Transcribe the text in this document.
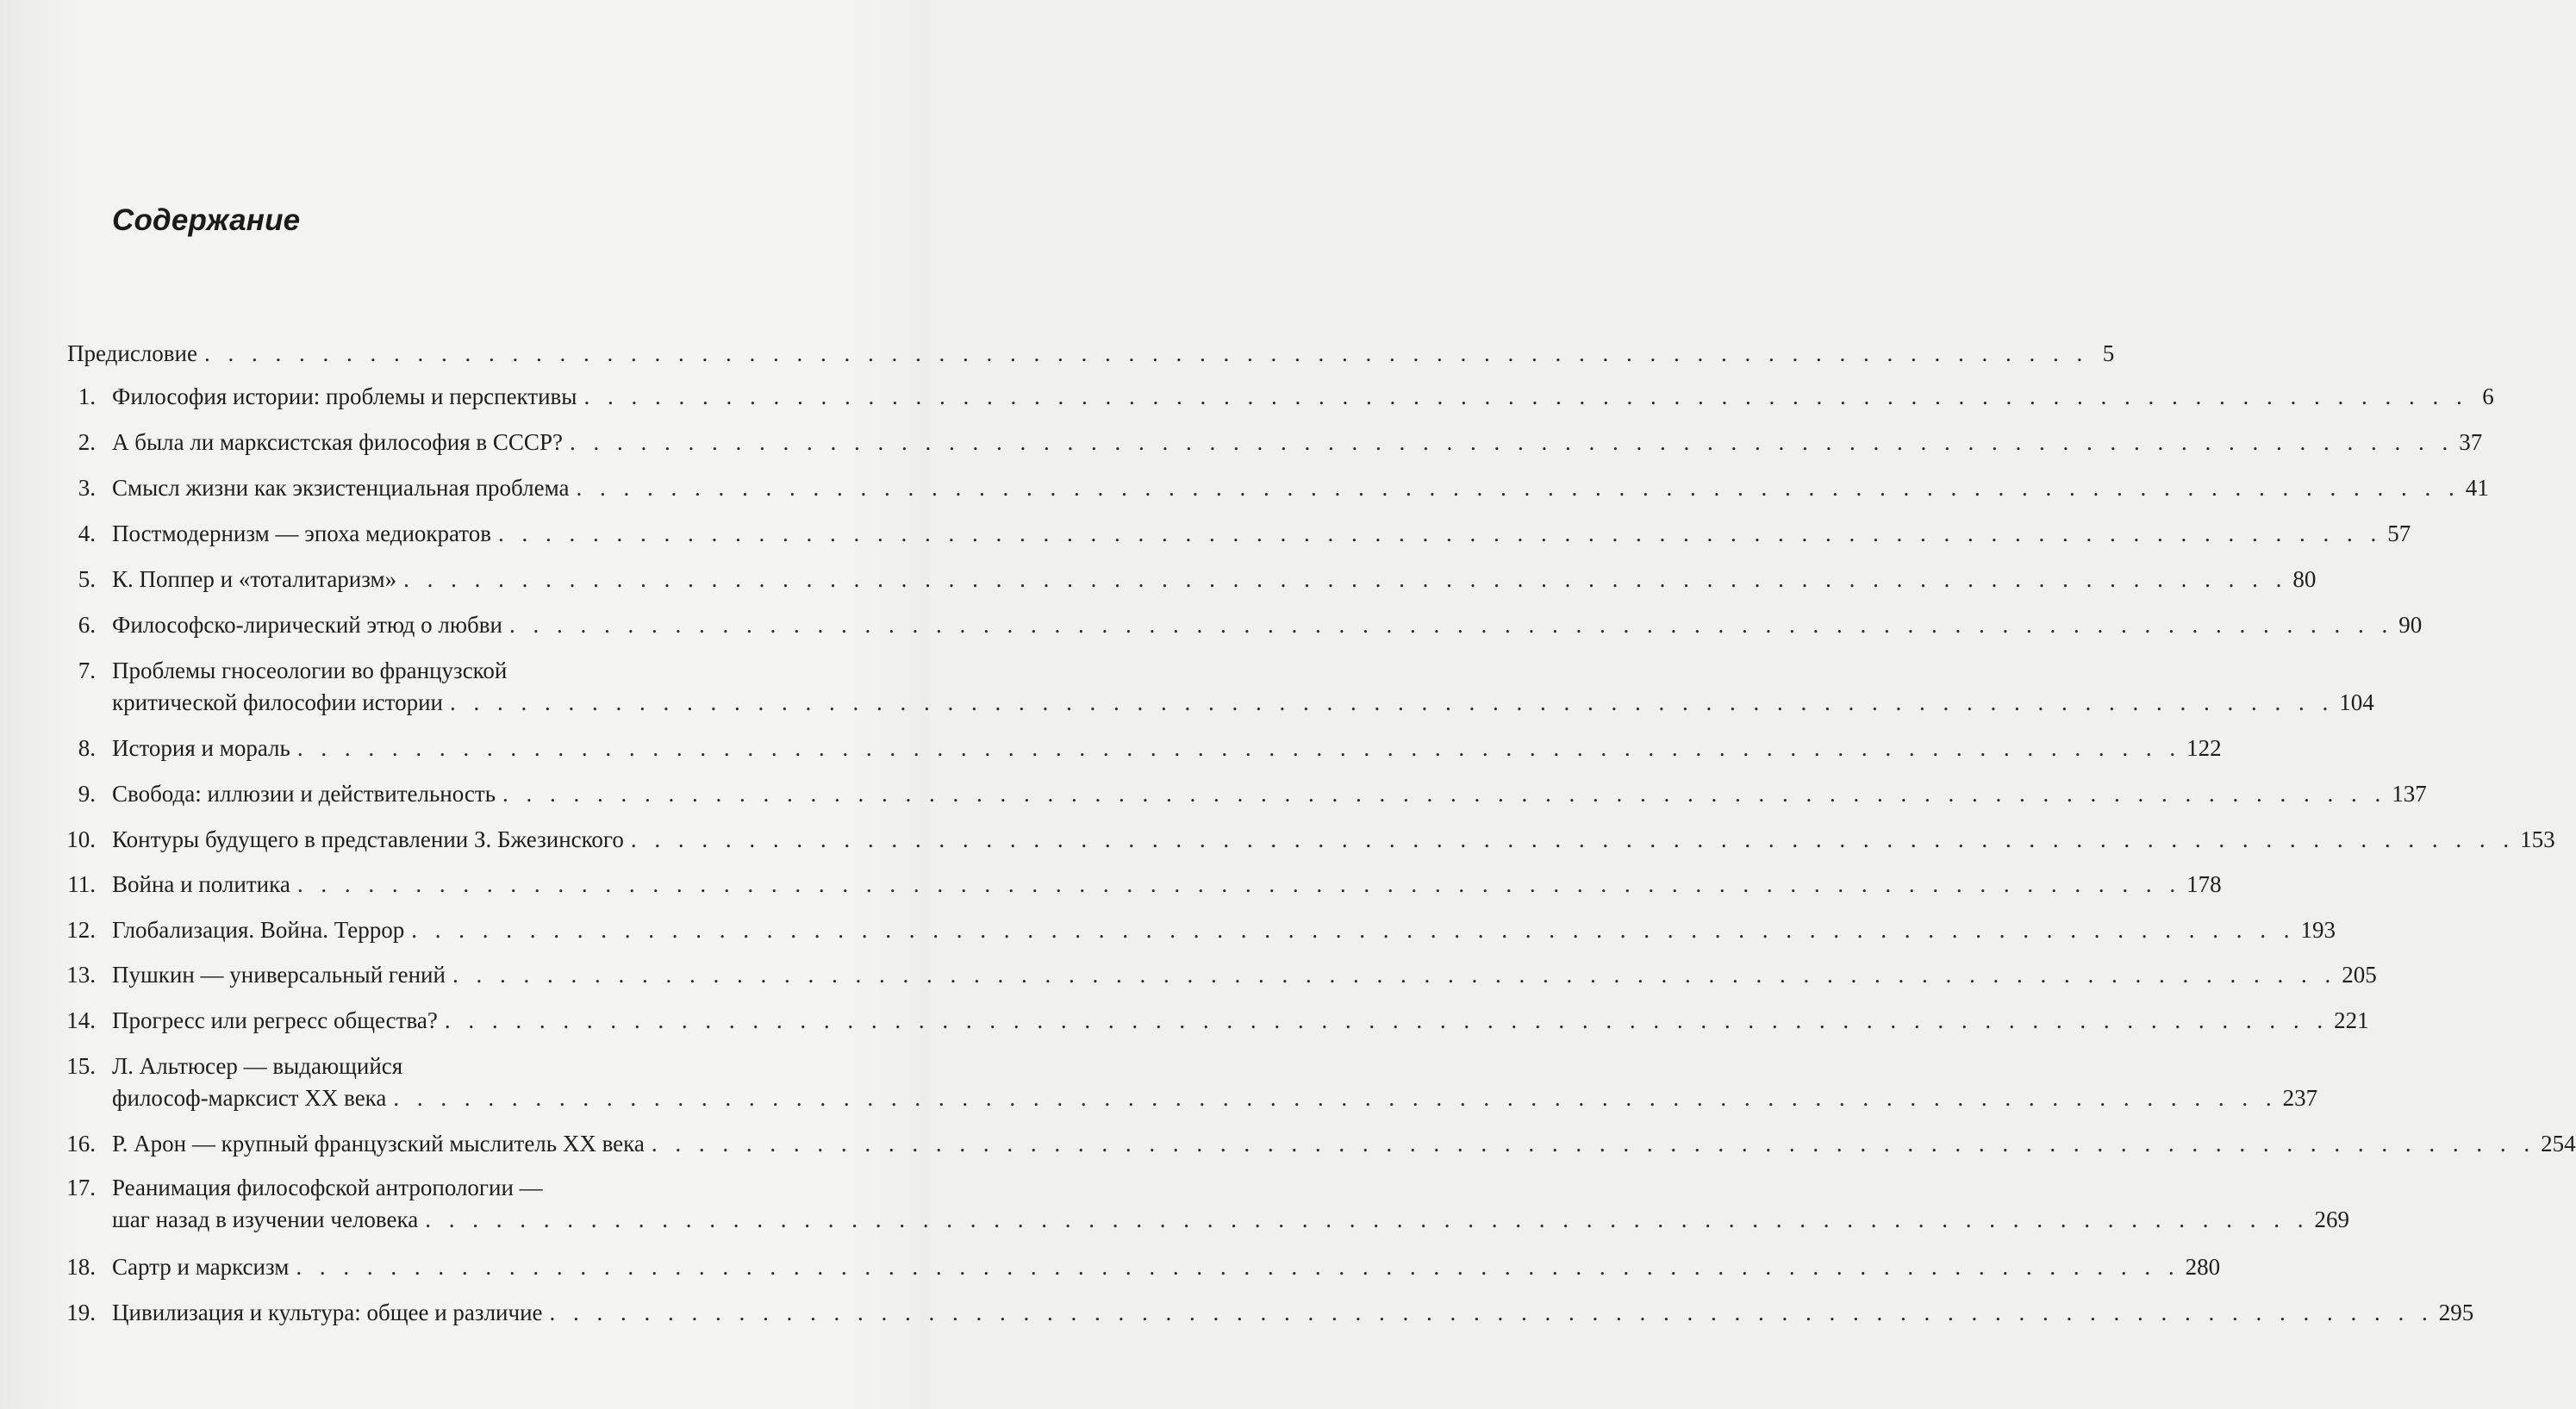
Содержание
Предисловие . . . . . . . . . . . . . . . . . . . . . . . . . . . . . . . . . . . . . . . . . . . . . . . . . . . . . . . . . . . . . . . . . . . . . . . . . . . . . . . . 5
1. Философия истории: проблемы и перспективы . . . . . . . . . . . . . . . . . . . . . . . . . . . . . . . . . . . . . . . . . . . . . . . . . . . . . . . . . . . . . . . . . . . . . . . . . . . . . . . . 6
2. А была ли марксистская философия в СССР? . . . . . . . . . . . . . . . . . . . . . . . . . . . . . . . . . . . . . . . . . . . . . . . . . . . . . . . . . . . . . . . . . . . . . . . . . . . . . . . . 37
3. Смысл жизни как экзистенциальная проблема . . . . . . . . . . . . . . . . . . . . . . . . . . . . . . . . . . . . . . . . . . . . . . . . . . . . . . . . . . . . . . . . . . . . . . . . . . . . . . . . 41
4. Постмодернизм — эпоха медиократов . . . . . . . . . . . . . . . . . . . . . . . . . . . . . . . . . . . . . . . . . . . . . . . . . . . . . . . . . . . . . . . . . . . . . . . . . . . . . . . . 57
5. К. Поппер и «тоталитаризм» . . . . . . . . . . . . . . . . . . . . . . . . . . . . . . . . . . . . . . . . . . . . . . . . . . . . . . . . . . . . . . . . . . . . . . . . . . . . . . . . 80
6. Философско-лирический этюд о любви . . . . . . . . . . . . . . . . . . . . . . . . . . . . . . . . . . . . . . . . . . . . . . . . . . . . . . . . . . . . . . . . . . . . . . . . . . . . . . . . 90
7. Проблемы гносеологии во французской
критической философии истории . . . . . . . . . . . . . . . . . . . . . . . . . . . . . . . . . . . . . . . . . . . . . . . . . . . . . . . . . . . . . . . . . . . . . . . . . . . . . . . . 104
8. История и мораль . . . . . . . . . . . . . . . . . . . . . . . . . . . . . . . . . . . . . . . . . . . . . . . . . . . . . . . . . . . . . . . . . . . . . . . . . . . . . . . . 122
9. Свобода: иллюзии и действительность . . . . . . . . . . . . . . . . . . . . . . . . . . . . . . . . . . . . . . . . . . . . . . . . . . . . . . . . . . . . . . . . . . . . . . . . . . . . . . . . 137
10. Контуры будущего в представлении З. Бжезинского . . . . . . . . . . . . . . . . . . . . . . . . . . . . . . . . . . . . . . . . . . . . . . . . . . . . . . . . . . . . . . . . . . . . . . . . . . . . . . . . 153
11. Война и политика . . . . . . . . . . . . . . . . . . . . . . . . . . . . . . . . . . . . . . . . . . . . . . . . . . . . . . . . . . . . . . . . . . . . . . . . . . . . . . . . 178
12. Глобализация. Война. Террор . . . . . . . . . . . . . . . . . . . . . . . . . . . . . . . . . . . . . . . . . . . . . . . . . . . . . . . . . . . . . . . . . . . . . . . . . . . . . . . . 193
13. Пушкин — универсальный гений . . . . . . . . . . . . . . . . . . . . . . . . . . . . . . . . . . . . . . . . . . . . . . . . . . . . . . . . . . . . . . . . . . . . . . . . . . . . . . . . 205
14. Прогресс или регресс общества? . . . . . . . . . . . . . . . . . . . . . . . . . . . . . . . . . . . . . . . . . . . . . . . . . . . . . . . . . . . . . . . . . . . . . . . . . . . . . . . . 221
15. Л. Альтюсер — выдающийся
философ-марксист XX века . . . . . . . . . . . . . . . . . . . . . . . . . . . . . . . . . . . . . . . . . . . . . . . . . . . . . . . . . . . . . . . . . . . . . . . . . . . . . . . . 237
16. Р. Арон — крупный французский мыслитель XX века . . . . . . . . . . . . . . . . . . . . . . . . . . . . . . . . . . . . . . . . . . . . . . . . . . . . . . . . . . . . . . . . . . . . . . . . . . . . . . . . 254
17. Реанимация философской антропологии —
шаг назад в изучении человека . . . . . . . . . . . . . . . . . . . . . . . . . . . . . . . . . . . . . . . . . . . . . . . . . . . . . . . . . . . . . . . . . . . . . . . . . . . . . . . . 269
18. Сартр и марксизм . . . . . . . . . . . . . . . . . . . . . . . . . . . . . . . . . . . . . . . . . . . . . . . . . . . . . . . . . . . . . . . . . . . . . . . . . . . . . . . . 280
19. Цивилизация и культура: общее и различие . . . . . . . . . . . . . . . . . . . . . . . . . . . . . . . . . . . . . . . . . . . . . . . . . . . . . . . . . . . . . . . . . . . . . . . . . . . . . . . . 295
